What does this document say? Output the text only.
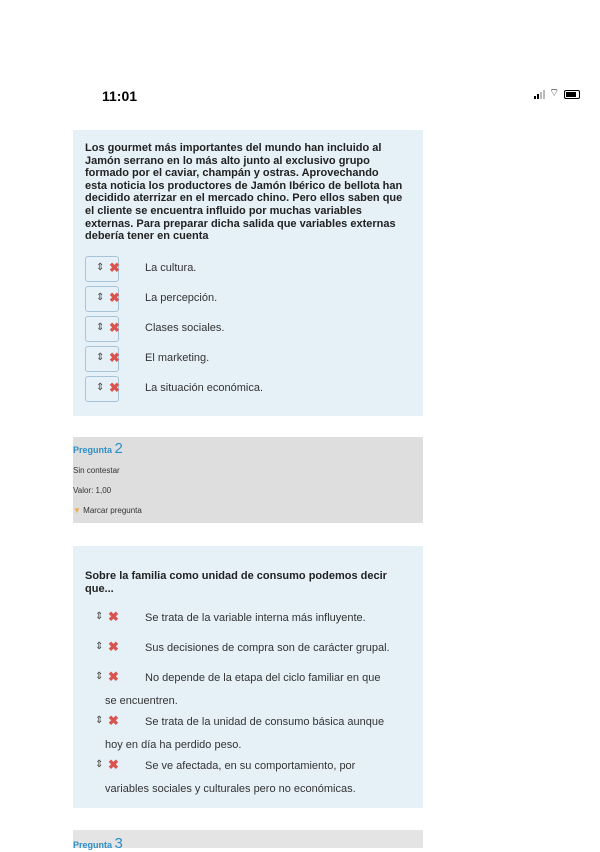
11:01	⌔
Los gourmet más importantes del mundo han incluido al Jamón serrano en lo más alto junto al exclusivo grupo formado por el caviar, champán y ostras. Aprovechando esta noticia los productores de Jamón Ibérico de bellota han decidido aterrizar en el mercado chino. Pero ellos saben que el cliente se encuentra influido por muchas variables externas. Para preparar dicha salida que variables externas debería tener en cuenta
⇕ ✖ La cultura.
⇕ ✖ La percepción.
⇕ ✖ Clases sociales.
⇕ ✖ El marketing.
⇕ ✖ La situación económica.
Pregunta 2
Sin contestar
Valor: 1,00
▼ Marcar pregunta
Sobre la familia como unidad de consumo podemos decir que...
⇕ ✖ Se trata de la variable interna más influyente.
⇕ ✖ Sus decisiones de compra son de carácter grupal.
⇕ ✖ No depende de la etapa del ciclo familiar en que
se encuentren.
⇕ ✖ Se trata de la unidad de consumo básica aunque
hoy en día ha perdido peso.
⇕ ✖ Se ve afectada, en su comportamiento, por
variables sociales y culturales pero no económicas.
Pregunta 3
